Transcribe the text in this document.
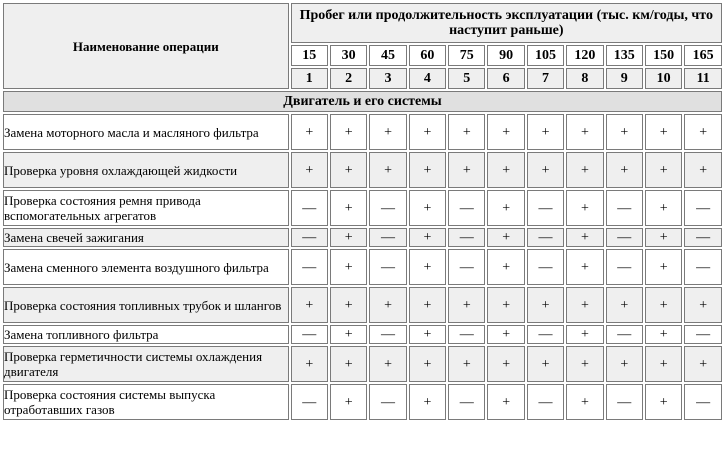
Наименование операции	Пробег или продолжительность эксплуатации (тыс. км/годы, что наступит раньше)										
	15	30	45	60	75	90	105	120	135	150	165
	1	2	3	4	5	6	7	8	9	10	11
Двигатель и его системы											
Замена моторного масла и масляного фильтра	+	+	+	+	+	+	+	+	+	+	+
Проверка уровня охлаждающей жидкости	+	+	+	+	+	+	+	+	+	+	+
Проверка состояния ремня привода вспомогательных агрегатов	—	+	—	+	—	+	—	+	—	+	—
Замена свечей зажигания	—	+	—	+	—	+	—	+	—	+	—
Замена сменного элемента воздушного фильтра	—	+	—	+	—	+	—	+	—	+	—
Проверка состояния топливных трубок и шлангов	+	+	+	+	+	+	+	+	+	+	+
Замена топливного фильтра	—	+	—	+	—	+	—	+	—	+	—
Проверка герметичности системы охлаждения двигателя	+	+	+	+	+	+	+	+	+	+	+
Проверка состояния системы выпуска отработавших газов	—	+	—	+	—	+	—	+	—	+	—
